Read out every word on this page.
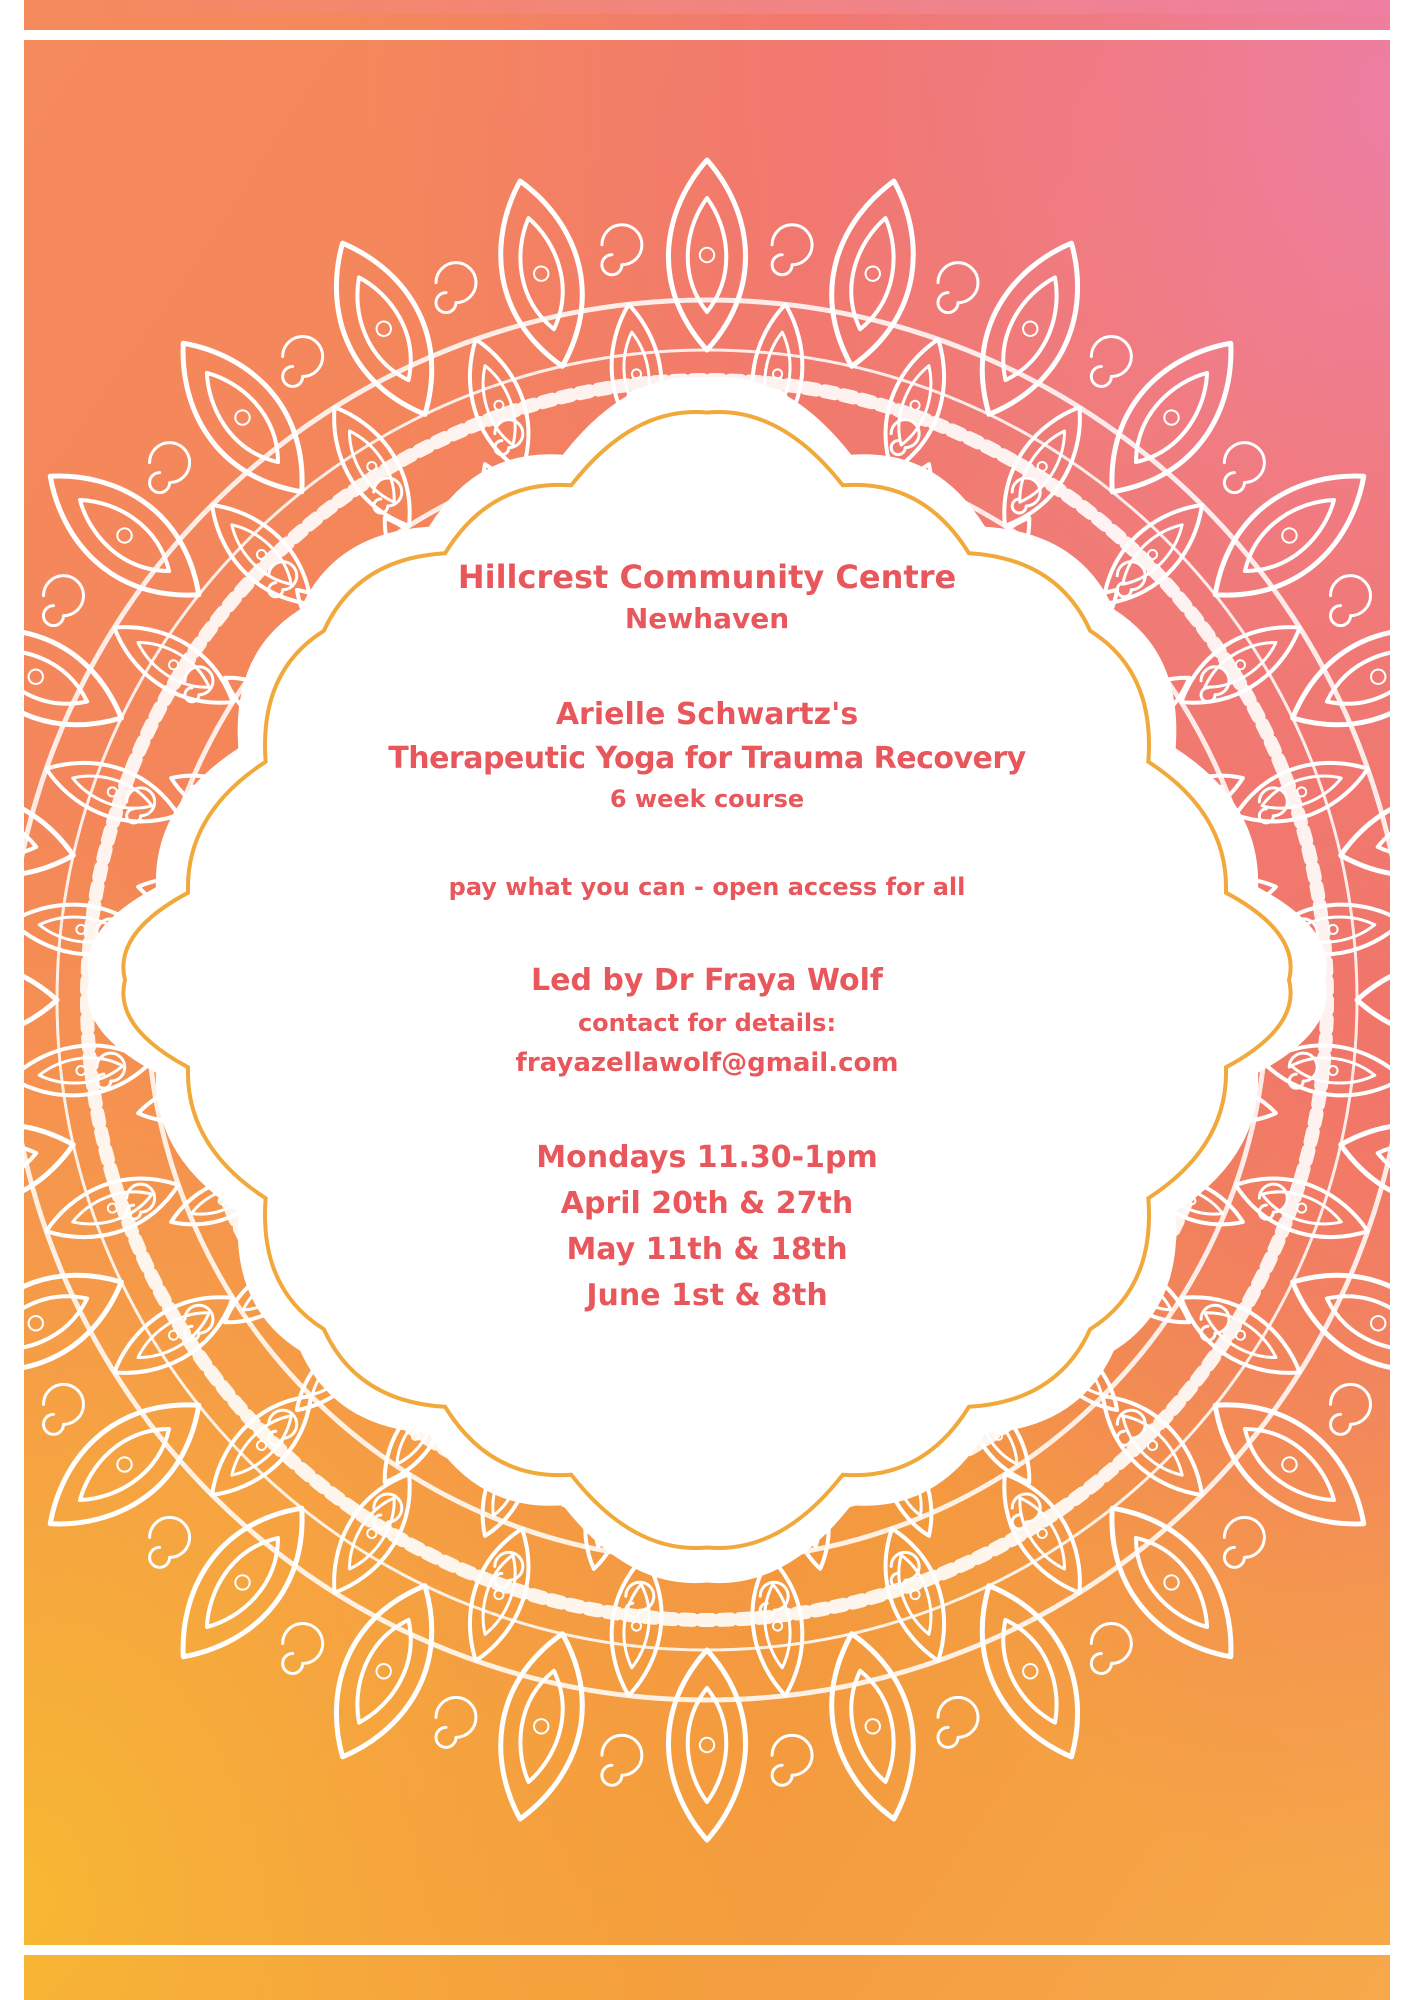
Hillcrest Community Centre
Newhaven
Arielle Schwartz's
Therapeutic Yoga for Trauma Recovery
6 week course
pay what you can - open access for all
Led by Dr Fraya Wolf
contact for details:
frayazellawolf@gmail.com
Mondays 11.30-1pm
April 20th & 27th
May 11th & 18th
June 1st & 8th
